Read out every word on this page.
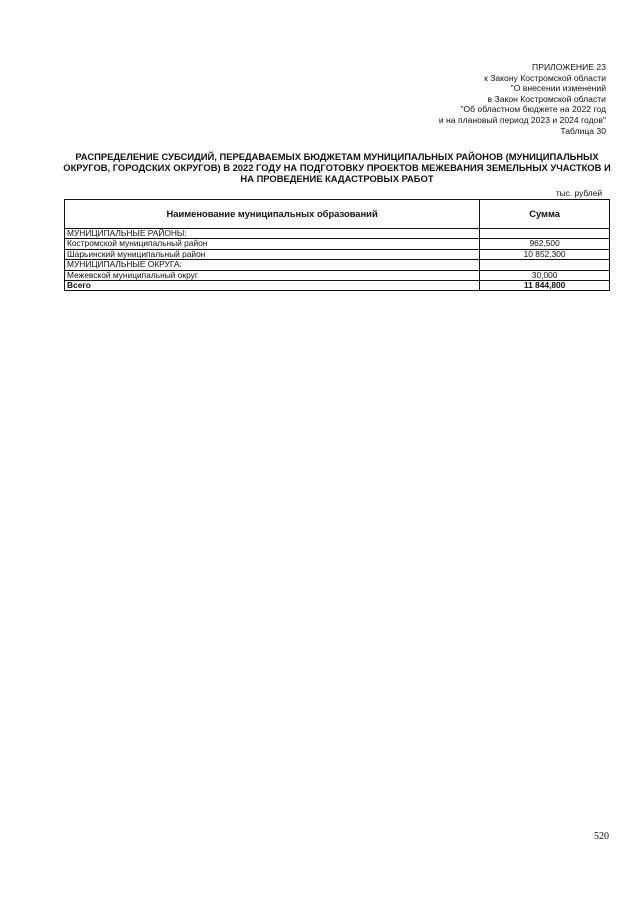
ПРИЛОЖЕНИЕ 23
к Закону Костромской области
"О внесении изменений
в Закон Костромской области
"Об областном бюджете на 2022 год
и на плановый период 2023 и 2024 годов"
Таблица 30
РАСПРЕДЕЛЕНИЕ СУБСИДИЙ, ПЕРЕДАВАЕМЫХ БЮДЖЕТАМ МУНИЦИПАЛЬНЫХ РАЙОНОВ (МУНИЦИПАЛЬНЫХ ОКРУГОВ, ГОРОДСКИХ ОКРУГОВ) В 2022 ГОДУ НА ПОДГОТОВКУ ПРОЕКТОВ МЕЖЕВАНИЯ ЗЕМЕЛЬНЫХ УЧАСТКОВ И НА ПРОВЕДЕНИЕ КАДАСТРОВЫХ РАБОТ
тыс. рублей
Наименование муниципальных образований	Сумма
МУНИЦИПАЛЬНЫЕ РАЙОНЫ:	
Костромской муниципальный район	962,500
Шарьинский муниципальный район	10 852,300
МУНИЦИПАЛЬНЫЕ ОКРУГА:	
Межевской муниципальный округ	30,000
Всего	11 844,800
520
